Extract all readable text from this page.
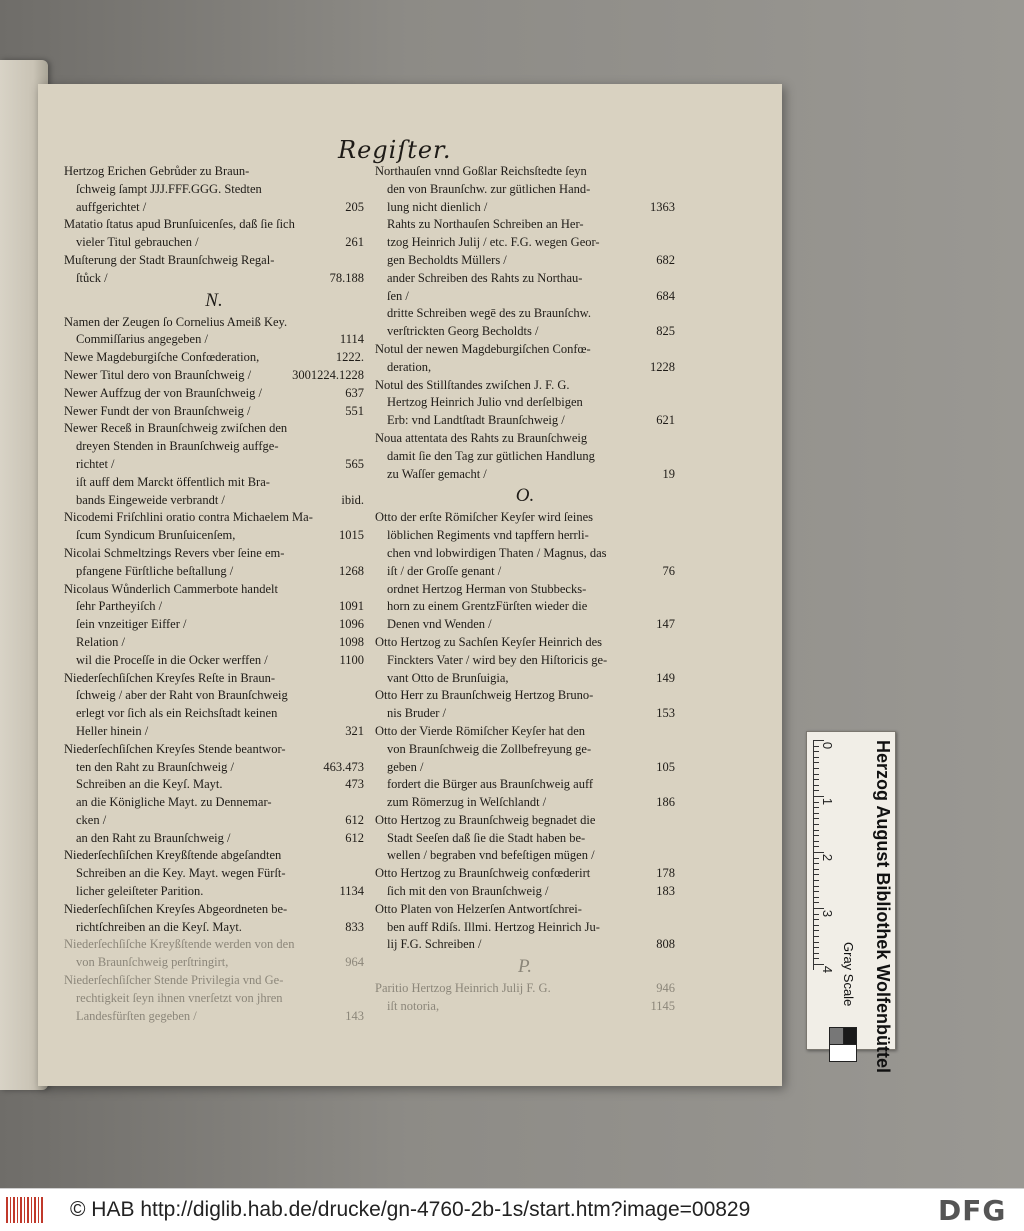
Regiſter.
Hertzog Erichen Gebrůder zu Braun-
ſchweig ſampt JJJ.FFF.GGG. Stedten
205
auffgerichtet /
Matatio ſtatus apud Brunſuicenſes, daß ſie ſich
261
vieler Titul gebrauchen /
Muſterung der Stadt Braunſchweig Regal-
78.188
ſtůck /
N.
Namen der Zeugen ſo Cornelius Ameiß Key.
1114
Commiſſarius angegeben /
1222.
Newe Magdeburgiſche Confœderation,
1224.1228
300
Newer Titul dero von Braunſchweig /
637
Newer Auffzug der von Braunſchweig /
551
Newer Fundt der von Braunſchweig /
Newer Receß in Braunſchweig zwiſchen den
dreyen Stenden in Braunſchweig auffge-
565
richtet /
iſt auff dem Marckt öffentlich mit Bra-
ibid.
bands Eingeweide verbrandt /
Nicodemi Friſchlini oratio contra Michaelem Ma-
1015
ſcum Syndicum Brunſuicenſem,
Nicolai Schmeltzings Revers vber ſeine em-
1268
pfangene Fürſtliche beſtallung /
Nicolaus Wůnderlich Cammerbote handelt
1091
ſehr Partheyiſch /
1096
ſein vnzeitiger Eiffer /
1098
Relation /
1100
wil die Proceſſe in die Ocker werffen /
Niederſechſiſchen Kreyſes Reſte in Braun-
ſchweig / aber der Raht von Braunſchweig
erlegt vor ſich als ein Reichsſtadt keinen
321
Heller hinein /
Niederſechſiſchen Kreyſes Stende beantwor-
463.473
ten den Raht zu Braunſchweig /
473
Schreiben an die Keyſ. Mayt.
an die Königliche Mayt. zu Dennemar-
612
cken /
612
an den Raht zu Braunſchweig /
Niederſechſiſchen Kreyßſtende abgeſandten
Schreiben an die Key. Mayt. wegen Fürſt-
1134
licher geleiſteter Parition.
Niederſechſiſchen Kreyſes Abgeordneten be-
833
richtſchreiben an die Keyſ. Mayt.
Niederſechſiſche Kreyßſtende werden von den
964
von Braunſchweig perſtringirt,
Niederſechſiſcher Stende Privilegia vnd Ge-
rechtigkeit ſeyn ihnen vnerſetzt von jhren
143
Landesfürſten gegeben /
Northauſen vnnd Goßlar Reichsſtedte ſeyn
den von Braunſchw. zur gütlichen Hand-
1363
lung nicht dienlich /
Rahts zu Northauſen Schreiben an Her-
tzog Heinrich Julij / etc. F.G. wegen Geor-
682
gen Becholdts Müllers /
ander Schreiben des Rahts zu Northau-
684
ſen /
dritte Schreiben wegē des zu Braunſchw.
825
verſtrickten Georg Becholdts /
Notul der newen Magdeburgiſchen Confœ-
1228
deration,
Notul des Stillſtandes zwiſchen J. F. G.
Hertzog Heinrich Julio vnd derſelbigen
621
Erb: vnd Landtſtadt Braunſchweig /
Noua attentata des Rahts zu Braunſchweig
damit ſie den Tag zur gütlichen Handlung
19
zu Waſſer gemacht /
O.
Otto der erſte Römiſcher Keyſer wird ſeines
löblichen Regiments vnd tapffern herrli-
chen vnd lobwirdigen Thaten / Magnus, das
76
iſt / der Groſſe genant /
ordnet Hertzog Herman von Stubbecks-
horn zu einem GrentzFürſten wieder die
147
Denen vnd Wenden /
Otto Hertzog zu Sachſen Keyſer Heinrich des
Finckters Vater / wird bey den Hiſtoricis ge-
149
vant Otto de Brunſuigia,
Otto Herr zu Braunſchweig Hertzog Bruno-
153
nis Bruder /
Otto der Vierde Römiſcher Keyſer hat den
von Braunſchweig die Zollbefreyung ge-
105
geben /
fordert die Bürger aus Braunſchweig auff
186
zum Römerzug in Welſchlandt /
Otto Hertzog zu Braunſchweig begnadet die
Stadt Seeſen daß ſie die Stadt haben be-
wellen / begraben vnd befeſtigen mügen /
178
Otto Hertzog zu Braunſchweig confœderirt
183
ſich mit den von Braunſchweig /
Otto Platen von Helzerſen Antwortſchrei-
ben auff Rdiſs. Illmi. Hertzog Heinrich Ju-
808
lij F.G. Schreiben /
P.
946
Paritio Hertzog Heinrich Julij F. G.
1145
iſt notoria,
0
1
2
3
4 Herzog August Bibliothek Wolfenbüttel
Gray Scale
© HAB http://diglib.hab.de/drucke/gn-4760-2b-1s/start.htm?image=00829	DFG
